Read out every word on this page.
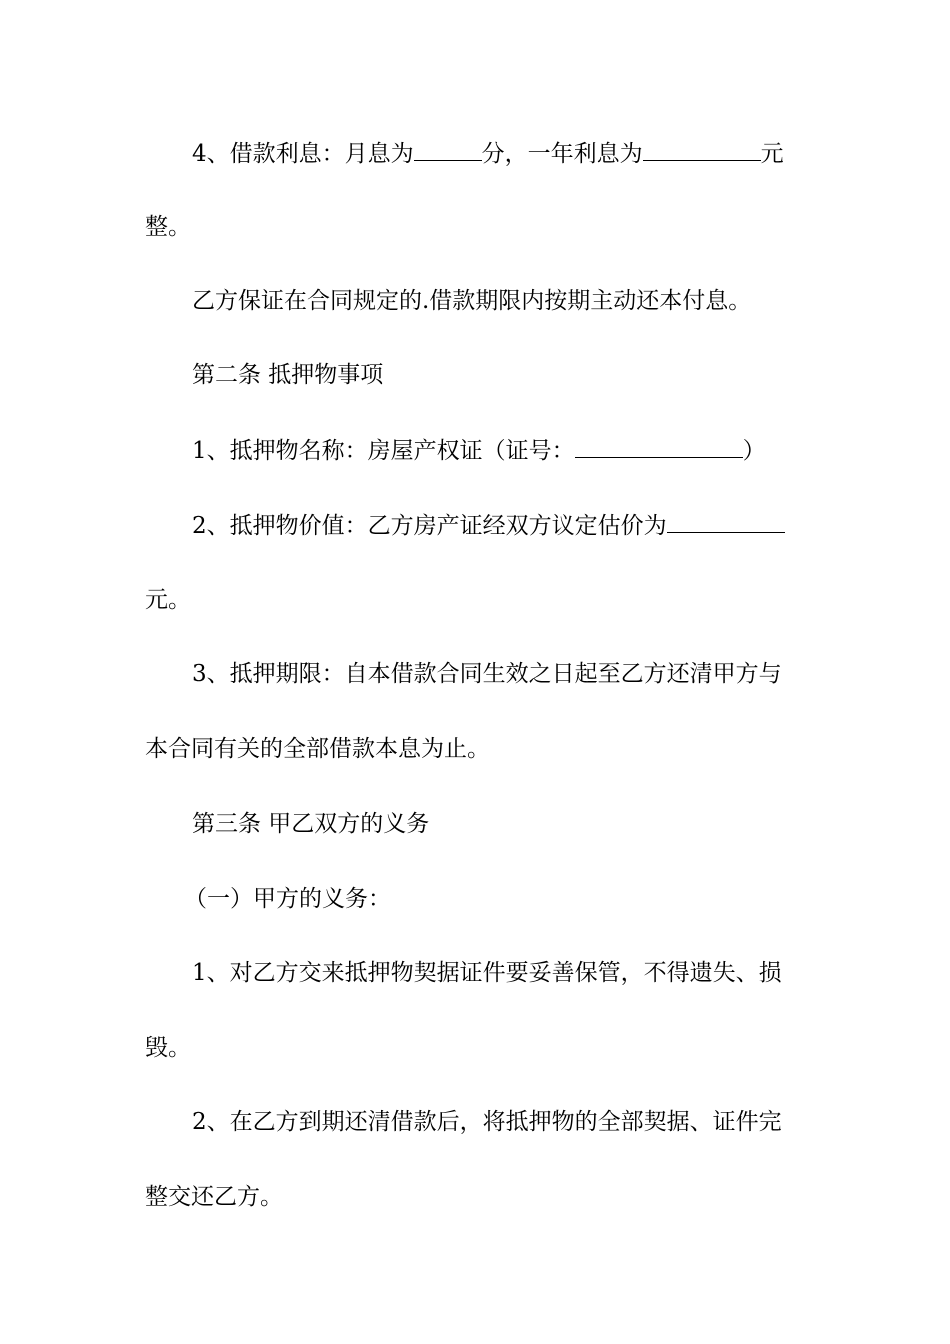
4、借款利息：月息为	分，一年利息为	元
整。
乙方保证在合同规定的.借款期限内按期主动还本付息。
第二条 抵押物事项
1、抵押物名称：房屋产权证（证号：	）
2、抵押物价值：乙方房产证经双方议定估价为
元。
3、抵押期限：自本借款合同生效之日起至乙方还清甲方与
本合同有关的全部借款本息为止。
第三条 甲乙双方的义务
（一）甲方的义务：
1、对乙方交来抵押物契据证件要妥善保管，不得遗失、损
毁。
2、在乙方到期还清借款后，将抵押物的全部契据、证件完
整交还乙方。
